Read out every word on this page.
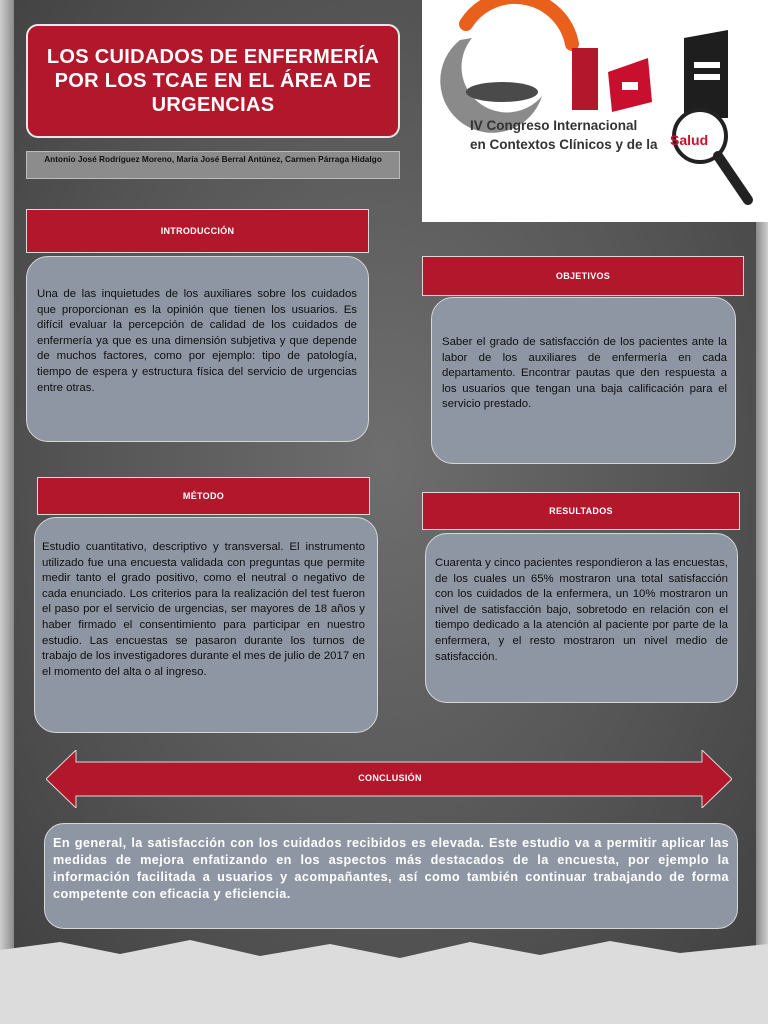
LOS CUIDADOS DE ENFERMERÍA POR LOS TCAE EN EL ÁREA DE URGENCIAS
Antonio José Rodríguez Moreno, María José Berral Antúnez, Carmen Párraga Hidalgo
IV Congreso Internacional
en Contextos Clínicos y de la Salud
INTRODUCCIÓN
Una de las inquietudes de los auxiliares sobre los cuidados que proporcionan es la opinión que tienen los usuarios. Es difícil evaluar la percepción de calidad de los cuidados de enfermería ya que es una dimensión subjetiva y que depende de muchos factores, como por ejemplo: tipo de patología, tiempo de espera y estructura física del servicio de urgencias entre otras.
OBJETIVOS
Saber el grado de satisfacción de los pacientes ante la labor de los auxiliares de enfermería en cada departamento. Encontrar pautas que den respuesta a los usuarios que tengan una baja calificación para el servicio prestado.
MÉTODO
Estudio cuantitativo, descriptivo y transversal. El instrumento utilizado fue una encuesta validada con preguntas que permite medir tanto el grado positivo, como el neutral o negativo de cada enunciado. Los criterios para la realización del test fueron el paso por el servicio de urgencias, ser mayores de 18 años y haber firmado el consentimiento para participar en nuestro estudio. Las encuestas se pasaron durante los turnos de trabajo de los investigadores durante el mes de julio de 2017 en el momento del alta o al ingreso.
RESULTADOS
Cuarenta y cinco pacientes respondieron a las encuestas, de los cuales un 65% mostraron una total satisfacción con los cuidados de la enfermera, un 10% mostraron un nivel de satisfacción bajo, sobretodo en relación con el tiempo dedicado a la atención al paciente por parte de la enfermera, y el resto mostraron un nivel medio de satisfacción.
CONCLUSIÓN
En general, la satisfacción con los cuidados recibidos es elevada. Este estudio va a permitir aplicar las medidas de mejora enfatizando en los aspectos más destacados de la encuesta, por ejemplo la información facilitada a usuarios y acompañantes, así como también continuar trabajando de forma competente con eficacia y eficiencia.
